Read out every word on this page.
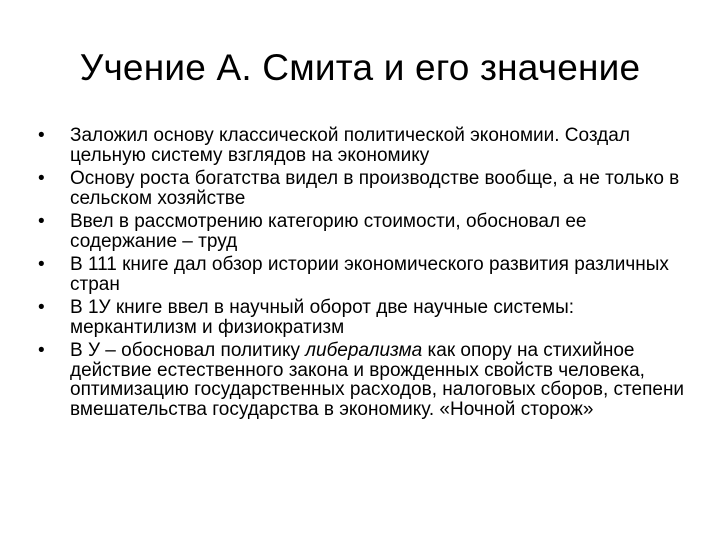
Учение А. Смита и его значение
•	Заложил основу классической политической экономии. Создал цельную систему взглядов на экономику
•	Основу роста богатства видел в производстве вообще, а не только в сельском хозяйстве
•	Ввел в рассмотрению категорию стоимости, обосновал ее содержание – труд
•	В 111 книге дал обзор истории экономического развития различных стран
•	В 1У книге ввел в научный оборот две научные системы: меркантилизм и физиократизм
•	В У – обосновал политику либерализма как опору на стихийное действие естественного закона и врожденных свойств человека, оптимизацию государственных расходов, налоговых сборов, степени вмешательства государства в экономику. «Ночной сторож»
